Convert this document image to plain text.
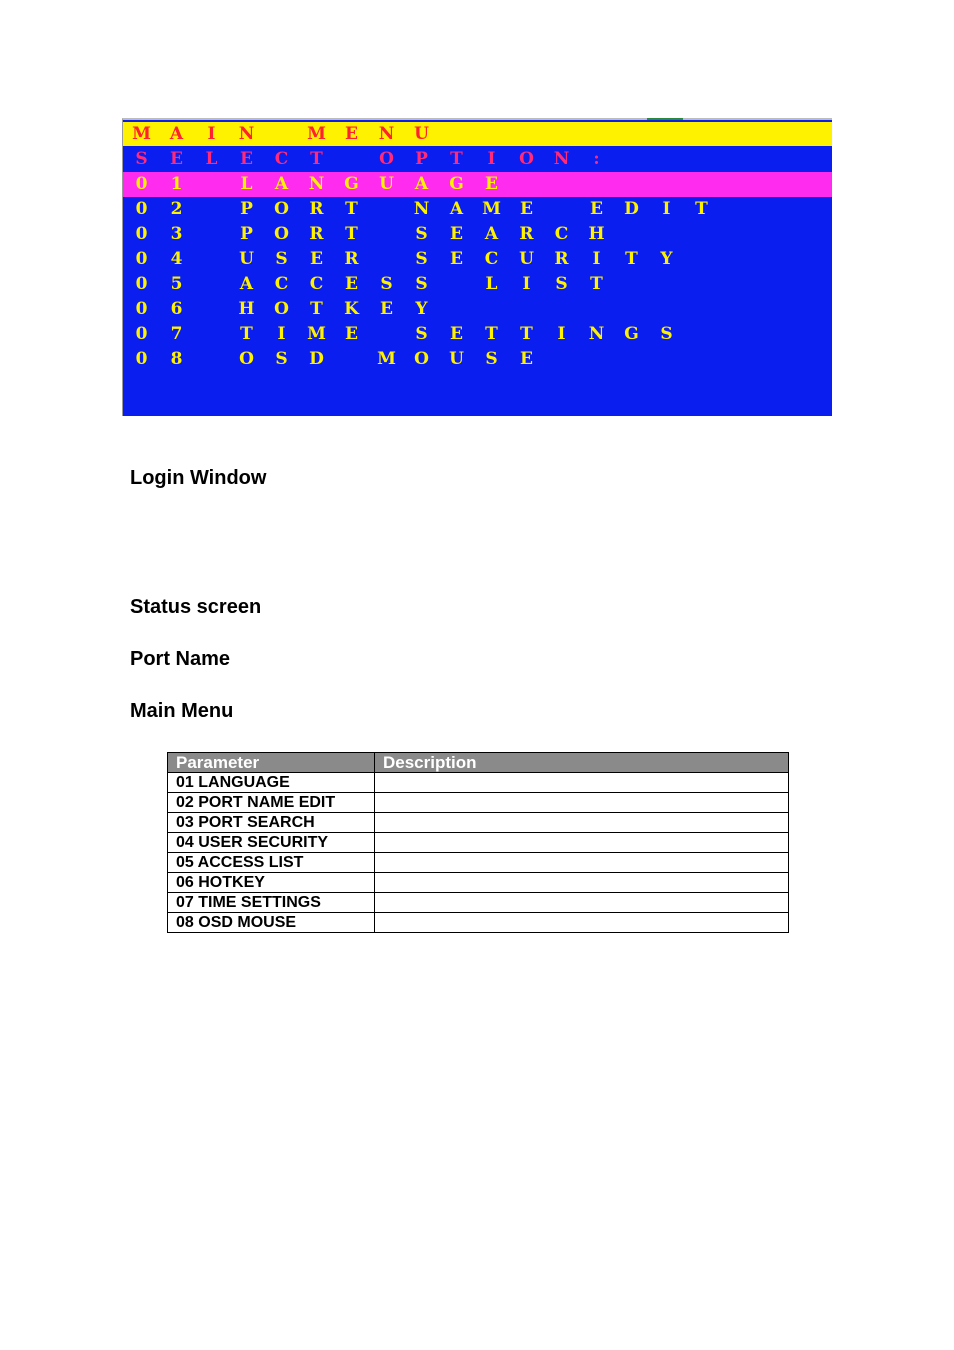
M	A	I	N	M	E	N	U
S	E	L	E	C	T	O	P	T	I	O	N	:
0	1	L	A	N	G	U	A	G	E
0	2	P	O	R	T	N	A	M	E	E	D	I	T
0	3	P	O	R	T	S	E	A	R	C	H
0	4	U	S	E	R	S	E	C	U	R	I	T	Y
0	5	A	C	C	E	S	S	L	I	S	T
0	6	H	O	T	K	E	Y
0	7	T	I	M	E	S	E	T	T	I	N	G	S
0	8	O	S	D	M	O	U	S	E
Login Window
Status screen
Port Name
Main Menu
Parameter	Description
01 LANGUAGE	
02 PORT NAME EDIT	
03 PORT SEARCH	
04 USER SECURITY	
05 ACCESS LIST	
06 HOTKEY	
07 TIME SETTINGS	
08 OSD MOUSE	
